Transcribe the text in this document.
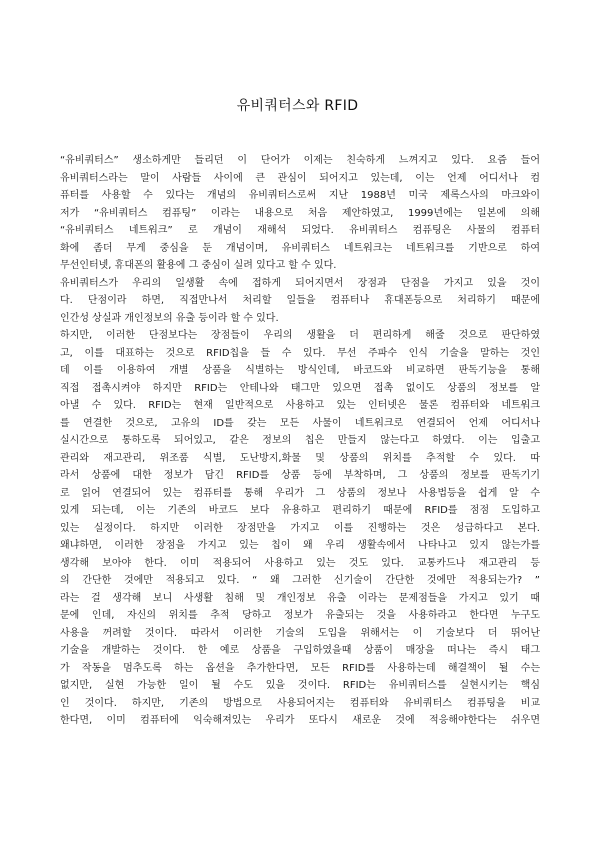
유비쿼터스와 RFID
“유비쿼터스” 생소하게만 들리던 이 단어가 이제는 친숙하게 느껴지고 있다. 요즘 들어
유비쿼터스라는 말이 사람들 사이에 큰 관심이 되어지고 있는데, 이는 언제 어디서나 컴
퓨터를 사용할 수 있다는 개념의 유비쿼터스로써 지난 1988년 미국 제록스사의 마크와이
저가 “유비쿼터스 컴퓨팅” 이라는 내용으로 처음 제안하였고, 1999년에는 일본에 의해
“유비쿼터스 네트워크” 로 개념이 재해석 되었다. 유비쿼터스 컴퓨팅은 사물의 컴퓨터
화에 좀더 무게 중심을 둔 개념이며, 유비쿼터스 네트워크는 네트워크를 기반으로 하여
무선인터넷, 휴대폰의 활용에 그 중심이 실려 있다고 할 수 있다.
유비쿼터스가 우리의 일생활 속에 접하게 되어지면서 장점과 단점을 가지고 있을 것이
다. 단점이라 하면, 직접만나서 처리할 일들을 컴퓨터나 휴대폰등으로 처리하기 때문에
인간성 상실과 개인정보의 유출 등이라 할 수 있다.
하지만, 이러한 단점보다는 장점들이 우리의 생활을 더 편리하게 해줄 것으로 판단하였
고, 이를 대표하는 것으로 RFID칩을 들 수 있다. 무선 주파수 인식 기술을 말하는 것인
데 이를 이용하여 개별 상품을 식별하는 방식인데, 바코드와 비교하면 판독기능을 통해
직접 접촉시켜야 하지만 RFID는 안테나와 태그만 있으면 접촉 없이도 상품의 정보를 알
아낼 수 있다. RFID는 현재 일반적으로 사용하고 있는 인터넷은 물론 컴퓨터와 네트워크
를 연결한 것으로, 고유의 ID를 갖는 모든 사물이 네트워크로 연결되어 언제 어디서나
실시간으로 통하도록 되어있고, 같은 정보의 칩은 만들지 않는다고 하였다. 이는 입출고
관리와 재고관리, 위조품 식별, 도난방지,화물 및 상품의 위치를 추적할 수 있다. 따
라서 상품에 대한 정보가 담긴 RFID를 상품 등에 부착하며, 그 상품의 정보를 판독기기
로 읽어 연결되어 있는 컴퓨터를 통해 우리가 그 상품의 정보나 사용법등을 쉽게 알 수
있게 되는데, 이는 기존의 바코드 보다 유용하고 편리하기 때문에 RFID를 점점 도입하고
있는 실정이다. 하지만 이러한 장점만을 가지고 이를 진행하는 것은 성급하다고 본다.
왜냐하면, 이러한 장점을 가지고 있는 칩이 왜 우리 생활속에서 나타나고 있지 않는가를
생각해 보아야 한다. 이미 적용되어 사용하고 있는 것도 있다. 교통카드나 재고관리 등
의 간단한 것에만 적용되고 있다. “ 왜 그러한 신기술이 간단한 것에만 적용되는가? ”
라는 걸 생각해 보니 사생활 침해 및 개인정보 유출 이라는 문제점들을 가지고 있기 때
문에 인데, 자신의 위치를 추적 당하고 정보가 유출되는 것을 사용하라고 한다면 누구도
사용을 꺼려할 것이다. 따라서 이러한 기술의 도입을 위해서는 이 기술보다 더 뛰어난
기술을 개발하는 것이다. 한 예로 상품을 구입하였을때 상품이 매장을 떠나는 즉시 태그
가 작동을 멈추도록 하는 옵션을 추가한다면, 모든 RFID를 사용하는데 해결책이 될 수는
없지만, 실현 가능한 일이 될 수도 있을 것이다. RFID는 유비쿼터스를 실현시키는 핵심
인 것이다. 하지만, 기존의 방법으로 사용되어지는 컴퓨터와 유비쿼터스 컴퓨팅을 비교
한다면, 이미 컴퓨터에 익숙해져있는 우리가 또다시 새로운 것에 적응해야한다는 쉬우면
